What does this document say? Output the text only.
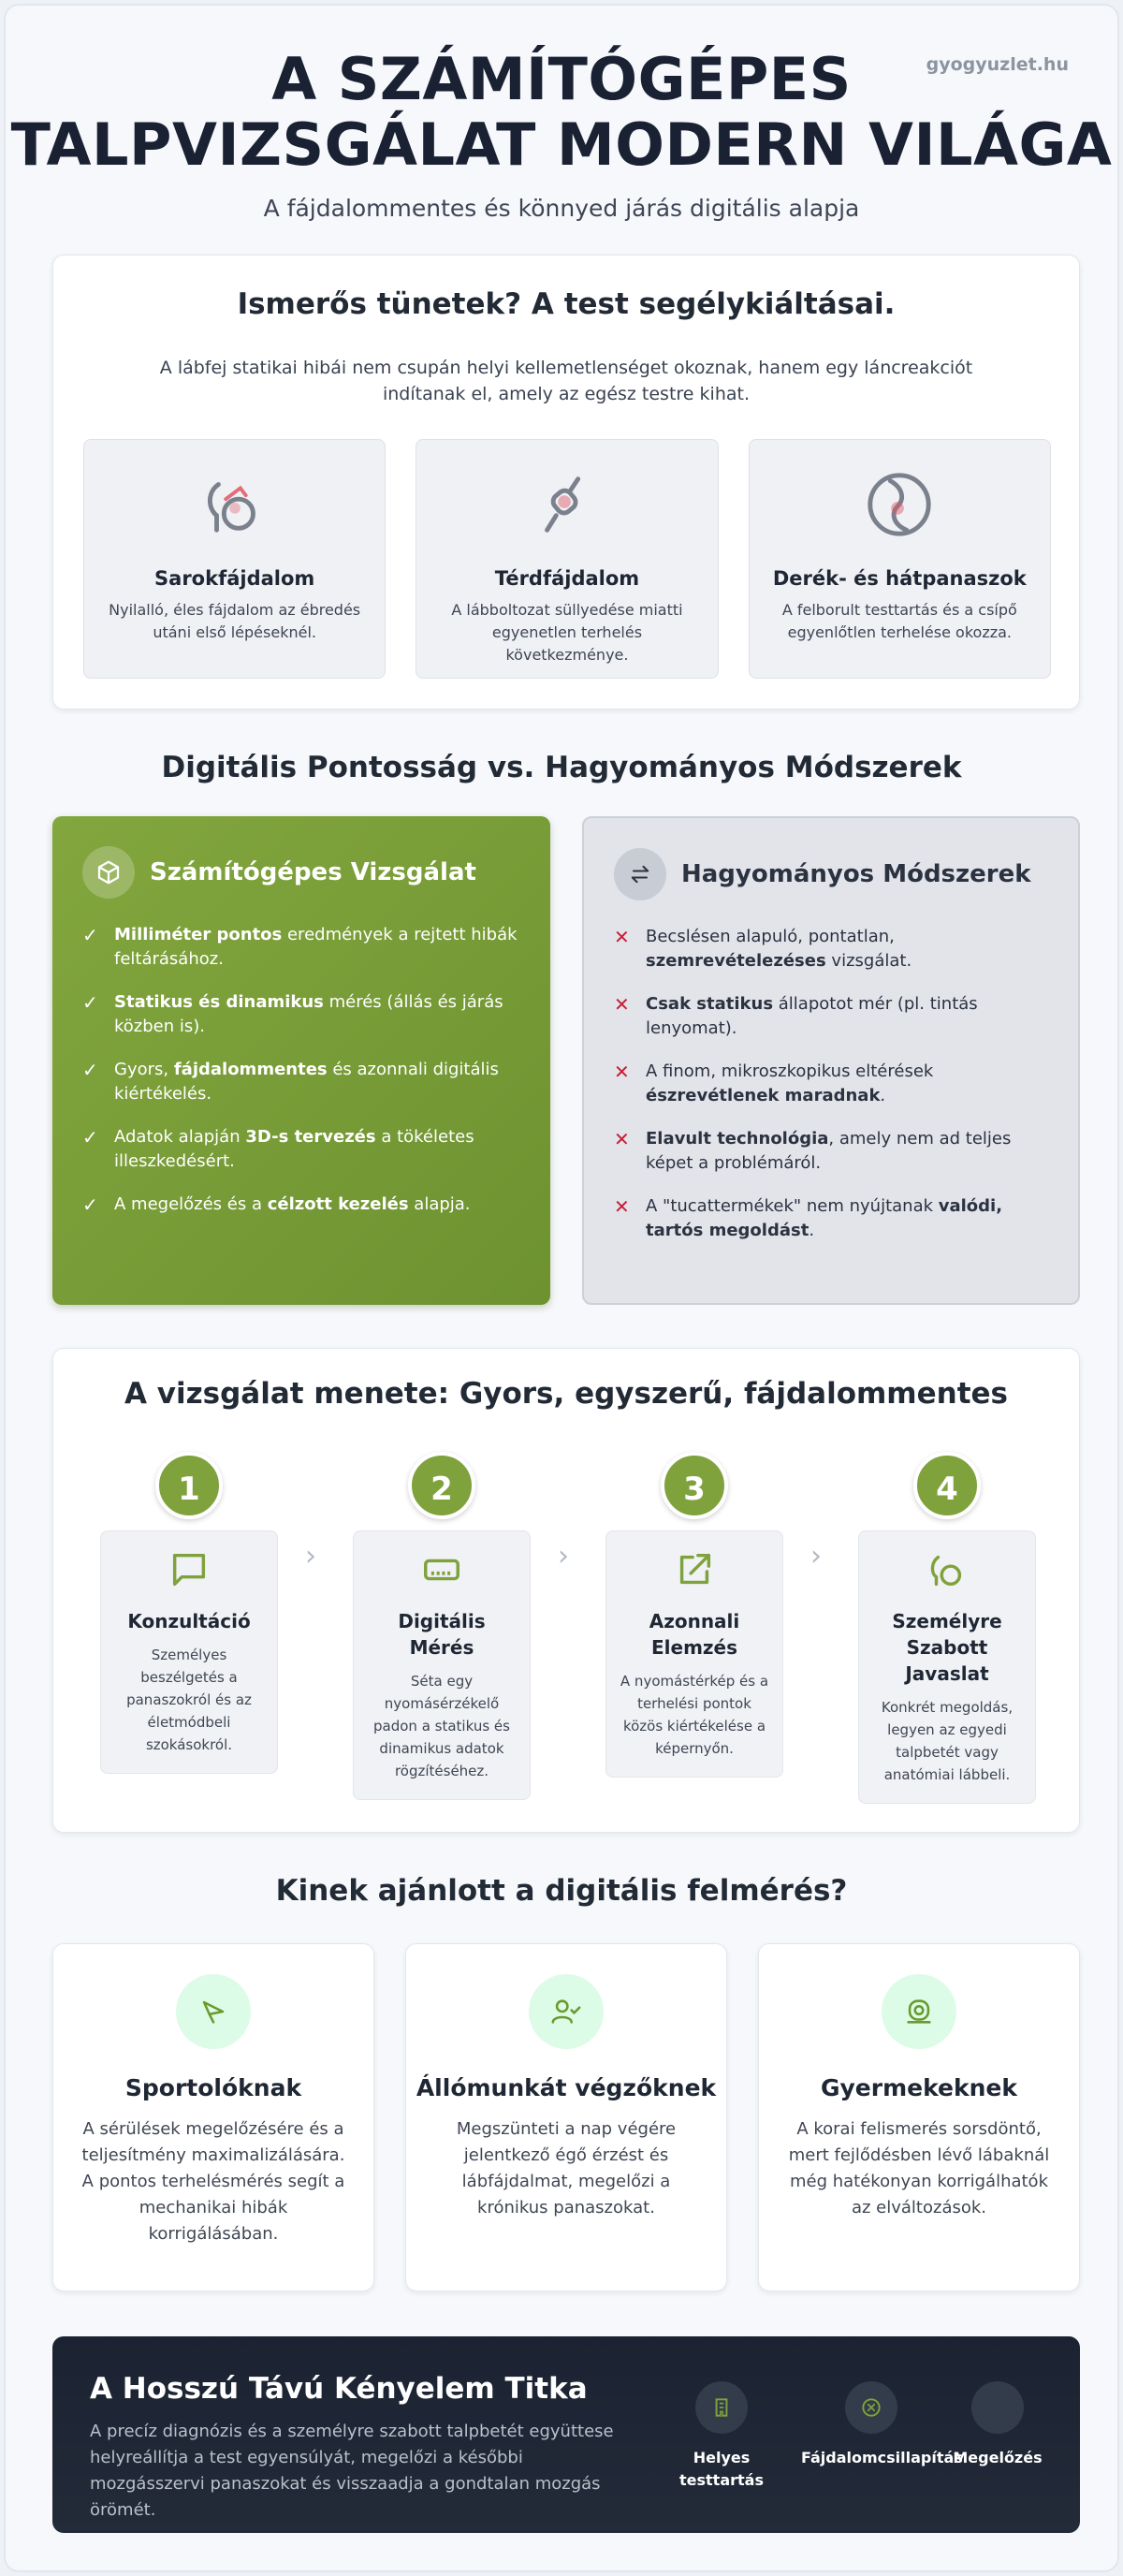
gyogyuzlet.hu
A SZÁMÍTÓGÉPES
TALPVIZSGÁLAT MODERN VILÁGA
A fájdalommentes és könnyed járás digitális alapja
Ismerős tünetek? A test segélykiáltásai.
A lábfej statikai hibái nem csupán helyi kellemetlenséget okoznak, hanem egy láncreakciót indítanak el, amely az egész testre kihat.
Sarokfájdalom

Nyilalló, éles fájdalom az ébredés utáni első lépéseknél.

Térdfájdalom

A lábboltozat süllyedése miatti egyenetlen terhelés következménye.

Derék- és hátpanaszok

A felborult testtartás és a csípő egyenlőtlen terhelése okozza.

Digitális Pontosság vs. Hagyományos Módszerek
Számítógépes Vizsgálat
✓ Milliméter pontos eredmények a rejtett hibák feltárásához.
✓ Statikus és dinamikus mérés (állás és járás közben is).
✓ Gyors, fájdalommentes és azonnali digitális kiértékelés.
✓ Adatok alapján 3D-s tervezés a tökéletes illeszkedésért.
✓ A megelőzés és a célzott kezelés alapja.
Hagyományos Módszerek
✕ Becslésen alapuló, pontatlan, szemrevételezéses vizsgálat.
✕ Csak statikus állapotot mér (pl. tintás lenyomat).
✕ A finom, mikroszkopikus eltérések észrevétlenek maradnak.
✕ Elavult technológia, amely nem ad teljes képet a problémáról.
✕ A "tucattermékek" nem nyújtanak valódi, tartós megoldást.
A vizsgálat menete: Gyors, egyszerű, fájdalommentes
1
Konzultáció

Személyes beszélgetés a panaszokról és az életmódbeli szokásokról.

›
2
Digitális Mérés

Séta egy nyomásérzékelő padon a statikus és dinamikus adatok rögzítéséhez.

›
3
Azonnali Elemzés

A nyomástérkép és a terhelési pontok közös kiértékelése a képernyőn.

›
4
Személyre Szabott Javaslat

Konkrét megoldás, legyen az egyedi talpbetét vagy anatómiai lábbeli.

Kinek ajánlott a digitális felmérés?
Sportolóknak

A sérülések megelőzésére és a teljesítmény maximalizálására. A pontos terhelésmérés segít a mechanikai hibák korrigálásában.

Állómunkát végzőknek

Megszünteti a nap végére jelentkező égő érzést és lábfájdalmat, megelőzi a krónikus panaszokat.

Gyermekeknek

A korai felismerés sorsdöntő, mert fejlődésben lévő lábaknál még hatékonyan korrigálhatók az elváltozások.

A Hosszú Távú Kényelem Titka

A precíz diagnózis és a személyre szabott talpbetét együttese helyreállítja a test egyensúlyát, megelőzi a későbbi mozgásszervi panaszokat és visszaadja a gondtalan mozgás örömét.

Helyes testtartás
Fájdalomcsillapítás
Megelőzés
